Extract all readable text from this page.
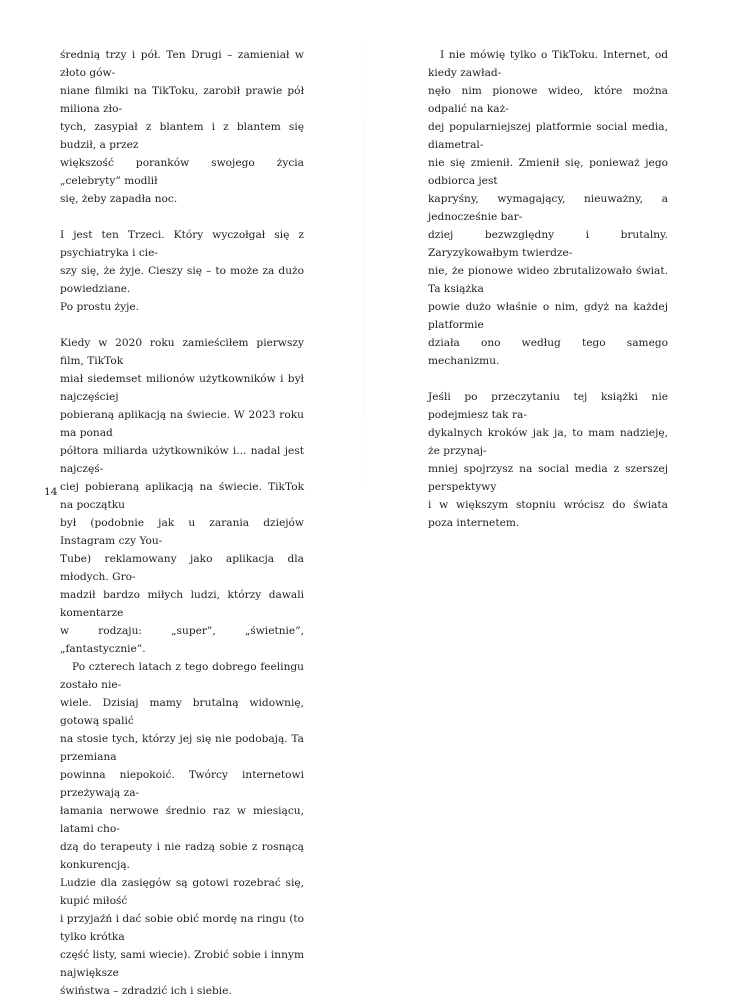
średnią trzy i pół. Ten Drugi – zamieniał w złoto gów-
niane filmiki na TikToku, zarobił prawie pół miliona zło-
tych, zasypiał z blantem i z blantem się budził, a przez
większość poranków swojego życia „celebryty” modlił
się, żeby zapadła noc.

I jest ten Trzeci. Który wyczołgał się z psychiatryka i cie-
szy się, że żyje. Cieszy się – to może za dużo powiedziane.
Po prostu żyje.

Kiedy w 2020 roku zamieściłem pierwszy film, TikTok
miał siedemset milionów użytkowników i był najczęściej
pobieraną aplikacją na świecie. W 2023 roku ma ponad
półtora miliarda użytkowników i... nadal jest najczęś-
ciej pobieraną aplikacją na świecie. TikTok na początku
był (podobnie jak u zarania dziejów Instagram czy You-
Tube) reklamowany jako aplikacja dla młodych. Gro-
madził bardzo miłych ludzi, którzy dawali komentarze
w rodzaju: „super”, „świetnie”, „fantastycznie”.

Po czterech latach z tego dobrego feelingu zostało nie-
wiele. Dzisiaj mamy brutalną widownię, gotową spalić
na stosie tych, którzy jej się nie podobają. Ta przemiana
powinna niepokoić. Twórcy internetowi przeżywają za-
łamania nerwowe średnio raz w miesiącu, latami cho-
dzą do terapeuty i nie radzą sobie z rosnącą konkurencją.
Ludzie dla zasięgów są gotowi rozebrać się, kupić miłość
i przyjaźń i dać sobie obić mordę na ringu (to tylko krótka
część listy, sami wiecie). Zrobić sobie i innym największe
świństwa – zdradzić ich i siebie.

14

I nie mówię tylko o TikToku. Internet, od kiedy zawład-
nęło nim pionowe wideo, które można odpalić na każ-
dej popularniejszej platformie social media, diametral-
nie się zmienił. Zmienił się, ponieważ jego odbiorca jest
kapryśny, wymagający, nieuważny, a jednocześnie bar-
dziej bezwzględny i brutalny. Zaryzykowałbym twierdze-
nie, że pionowe wideo zbrutalizowało świat. Ta książka
powie dużo właśnie o nim, gdyż na każdej platformie
działa ono według tego samego mechanizmu.

Jeśli po przeczytaniu tej książki nie podejmiesz tak ra-
dykalnych kroków jak ja, to mam nadzieję, że przynaj-
mniej spojrzysz na social media z szerszej perspektywy
i w większym stopniu wrócisz do świata poza internetem.
